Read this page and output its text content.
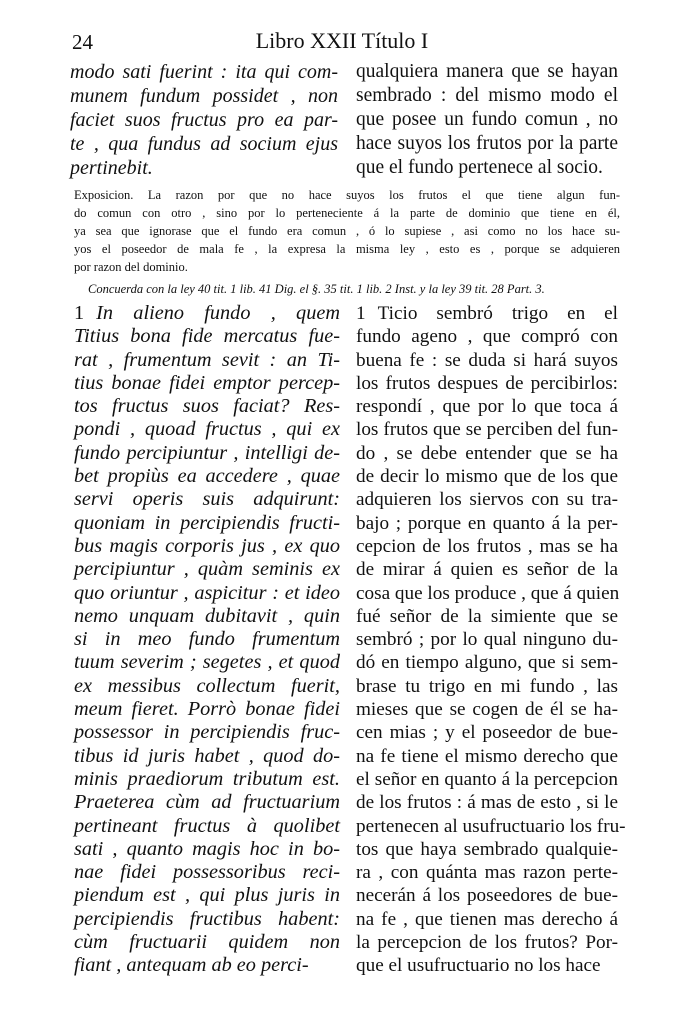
24	Libro XXII Título I
modo sati fuerint : ita qui com-
munem fundum possidet , non
faciet suos fructus pro ea par-
te , qua fundus ad socium ejus
pertinebit.
qualquiera manera que se hayan
sembrado : del mismo modo el
que posee un fundo comun , no
hace suyos los frutos por la parte
que el fundo pertenece al socio.
Exposicion. La razon por que no hace suyos los frutos el que tiene algun fun-
do comun con otro , sino por lo perteneciente á la parte de dominio que tiene en él,
ya sea que ignorase que el fundo era comun , ó lo supiese , asi como no los hace su-
yos el poseedor de mala fe , la expresa la misma ley , esto es , porque se adquieren
por razon del dominio.
Concuerda con la ley 40 tit. 1 lib. 41 Dig. el §. 35 tit. 1 lib. 2 Inst. y la ley 39 tit. 28 Part. 3.
1 In alieno fundo , quem
Titius bona fide mercatus fue-
rat , frumentum sevit : an Ti-
tius bonae fidei emptor percep-
tos fructus suos faciat? Res-
pondi , quoad fructus , qui ex
fundo percipiuntur , intelligi de-
bet propiùs ea accedere , quae
servi operis suis adquirunt:
quoniam in percipiendis fructi-
bus magis corporis jus , ex quo
percipiuntur , quàm seminis ex
quo oriuntur , aspicitur : et ideo
nemo unquam dubitavit , quin
si in meo fundo frumentum
tuum severim ; segetes , et quod
ex messibus collectum fuerit,
meum fieret. Porrò bonae fidei
possessor in percipiendis fruc-
tibus id juris habet , quod do-
minis praediorum tributum est.
Praeterea cùm ad fructuarium
pertineant fructus à quolibet
sati , quanto magis hoc in bo-
nae fidei possessoribus reci-
piendum est , qui plus juris in
percipiendis fructibus habent:
cùm fructuarii quidem non
fiant , antequam ab eo perci-
1 Ticio sembró trigo en el
fundo ageno , que compró con
buena fe : se duda si hará suyos
los frutos despues de percibirlos:
respondí , que por lo que toca á
los frutos que se perciben del fun-
do , se debe entender que se ha
de decir lo mismo que de los que
adquieren los siervos con su tra-
bajo ; porque en quanto á la per-
cepcion de los frutos , mas se ha
de mirar á quien es señor de la
cosa que los produce , que á quien
fué señor de la simiente que se
sembró ; por lo qual ninguno du-
dó en tiempo alguno, que si sem-
brase tu trigo en mi fundo , las
mieses que se cogen de él se ha-
cen mias ; y el poseedor de bue-
na fe tiene el mismo derecho que
el señor en quanto á la percepcion
de los frutos : á mas de esto , si le
pertenecen al usufructuario los fru-
tos que haya sembrado qualquie-
ra , con quánta mas razon perte-
necerán á los poseedores de bue-
na fe , que tienen mas derecho á
la percepcion de los frutos? Por-
que el usufructuario no los hace
